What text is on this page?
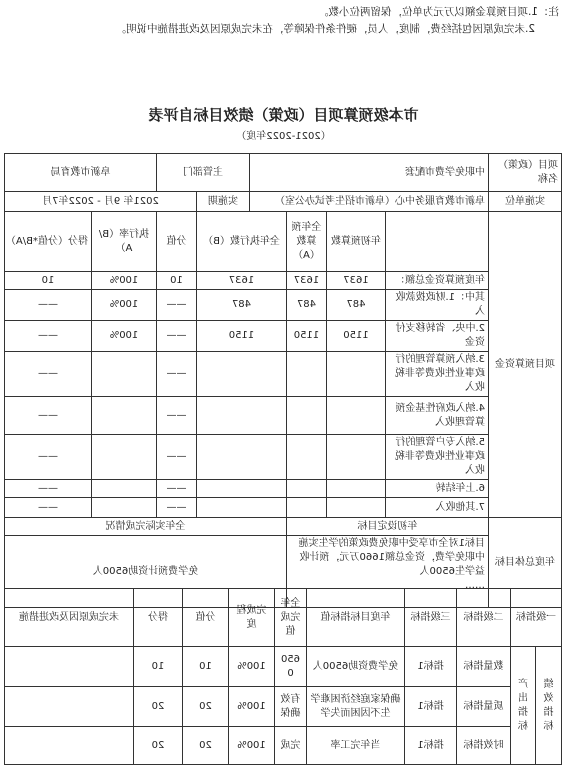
注：1.项目预算金额以万元为单位，保留两位小数。
2.未完成原因包括经费，制度，人员，硬件条件保障等，在未完成原因及改进措施中说明。
市本级预算项目（政策）绩效目标自评表
（2021-2022年度）
项目（政策）名称	中职免学费市配套				主管部门		阜新市教育局	
实施单位	阜新市教育服务中心（阜新市招生考试办公室）				实施期	2021年 9月 - 2022年7月		
项目预算资金		年初预算数	全年预算数（A）	全年执行数（B）		分值	执行率（B/A）	得分（分值*B/A）
	年度预算资金总额：	1637	1637	1637		10	100%	10
	其中：1.财政拨款收入	487	487	487		——	100%	——
	2.中央、省转移支付资金	1150	1150	1150		——	100%	——
	3.纳入预算管理的行政事业性收费等非税收入					——		——
	4.纳入政府性基金预算管理收入					——		——
	5.纳入专户管理的行政事业性收费等非税收入					——		——
	6.上年结转					——		——
	7.其他收入					——		——
年度总体目标	年初设定目标			全年实际完成情况				

	目标1对全市享受中职免费政策的学生实施中职免学费，资金总额1660万元，预计收益学生6500人
……			免学费预计资助6500人				
一级指标		二级指标	三级指标	年度目标指标值	全年完成值	完成程度	分值	得分	未完成原因及改进措施
绩效指标	产出指标	数量指标	指标1	免学费资助6500人	6500	100%	10	10	
		质量指标	指标1	确保家庭经济困难学生不因困而失学	有效确保	100%	20	20	
		时效指标	指标1	当年完工率	完成	100%	20	20	
